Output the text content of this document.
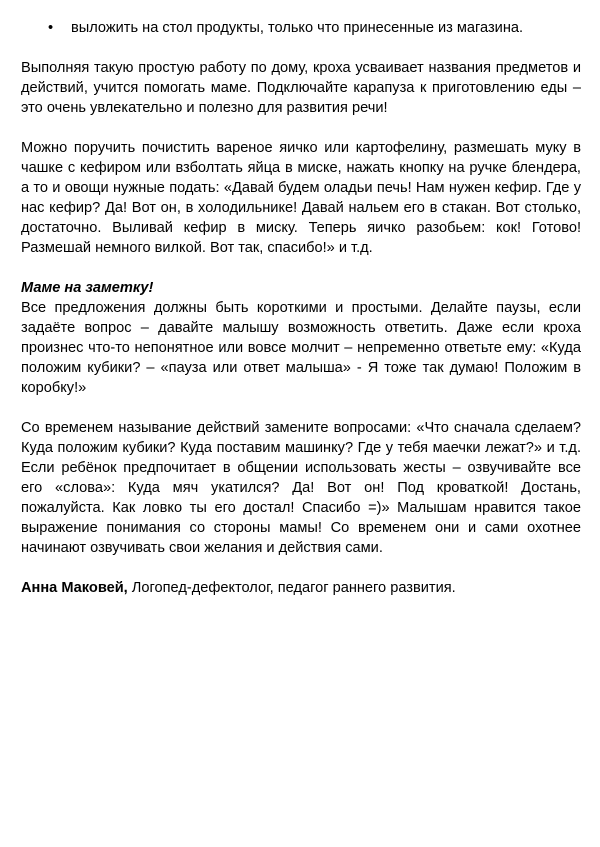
• выложить на стол продукты, только что принесенные из магазина.

Выполняя такую простую работу по дому, кроха усваивает названия предметов и действий, учится помогать маме. Подключайте карапуза к приготовлению еды – это очень увлекательно и полезно для развития речи!

Можно поручить почистить вареное яичко или картофелину, размешать муку в чашке с кефиром или взболтать яйца в миске, нажать кнопку на ручке блендера, а то и овощи нужные подать: «Давай будем оладьи печь! Нам нужен кефир. Где у нас кефир? Да! Вот он, в холодильнике! Давай нальем его в стакан. Вот столько, достаточно. Выливай кефир в миску. Теперь яичко разобьем: кок! Готово! Размешай немного вилкой. Вот так, спасибо!» и т.д.

Маме на заметку!

Все предложения должны быть короткими и простыми. Делайте паузы, если задаёте вопрос – давайте малышу возможность ответить. Даже если кроха произнес что-то непонятное или вовсе молчит – непременно ответьте ему: «Куда положим кубики? – «пауза или ответ малыша» - Я тоже так думаю! Положим в коробку!»

Со временем называние действий замените вопросами: «Что сначала сделаем? Куда положим кубики? Куда поставим машинку? Где у тебя маечки лежат?» и т.д. Если ребёнок предпочитает в общении использовать жесты – озвучивайте все его «слова»: Куда мяч укатился? Да! Вот он! Под кроваткой! Достань, пожалуйста. Как ловко ты его достал! Спасибо =)» Малышам нравится такое выражение понимания со стороны мамы! Со временем они и сами охотнее начинают озвучивать свои желания и действия сами.

Анна Маковей, Логопед-дефектолог, педагог раннего развития.
